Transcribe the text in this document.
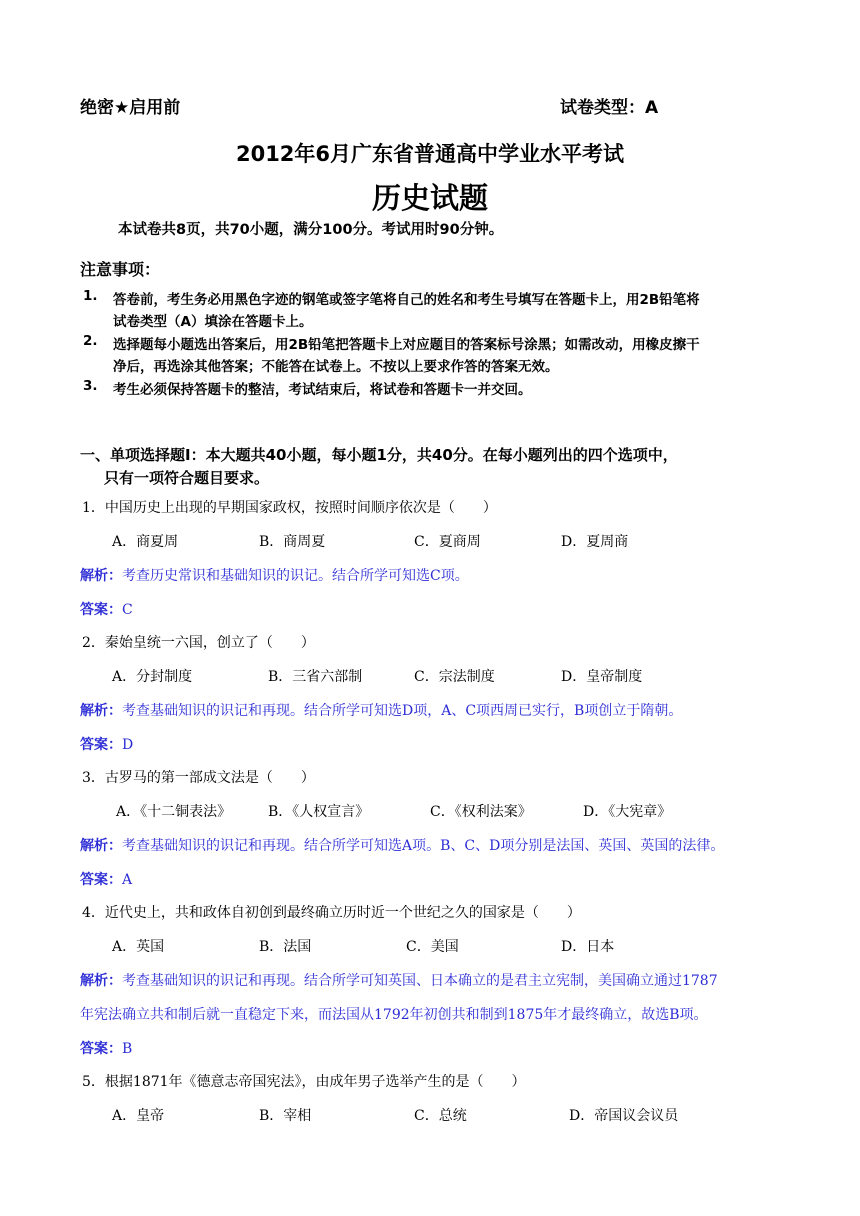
绝密★启用前	试卷类型：A
2012年6月广东省普通高中学业水平考试
历史试题
本试卷共8页，共70小题，满分100分。考试用时90分钟。
注意事项：
1. 答卷前，考生务必用黑色字迹的钢笔或签字笔将自己的姓名和考生号填写在答题卡上，用2B铅笔将
试卷类型（A）填涂在答题卡上。
2. 选择题每小题选出答案后，用2B铅笔把答题卡上对应题目的答案标号涂黑；如需改动，用橡皮擦干
净后，再选涂其他答案；不能答在试卷上。不按以上要求作答的答案无效。
3. 考生必须保持答题卡的整洁，考试结束后，将试卷和答题卡一并交回。
一、单项选择题Ⅰ：本大题共40小题，每小题1分，共40分。在每小题列出的四个选项中，
只有一项符合题目要求。
1．中国历史上出现的早期国家政权，按照时间顺序依次是（　　）
A．商夏周	B．商周夏	C．夏商周	D．夏周商
解析：考查历史常识和基础知识的识记。结合所学可知选C项。
答案：C
2．秦始皇统一六国，创立了（　　）
A．分封制度	B．三省六部制	C．宗法制度	D．皇帝制度
解析：考查基础知识的识记和再现。结合所学可知选D项，A、C项西周已实行，B项创立于隋朝。
答案：D
3．古罗马的第一部成文法是（　　）
A．《十二铜表法》	B．《人权宣言》	C．《权利法案》	D．《大宪章》
解析：考查基础知识的识记和再现。结合所学可知选A项。B、C、D项分别是法国、英国、英国的法律。
答案：A
4．近代史上，共和政体自初创到最终确立历时近一个世纪之久的国家是（　　）
A．英国	B．法国	C．美国	D．日本
解析：考查基础知识的识记和再现。结合所学可知英国、日本确立的是君主立宪制，美国确立通过1787
年宪法确立共和制后就一直稳定下来，而法国从1792年初创共和制到1875年才最终确立，故选B项。
答案：B
5．根据1871年《德意志帝国宪法》，由成年男子选举产生的是（　　）
A．皇帝	B．宰相	C．总统	D．帝国议会议员
